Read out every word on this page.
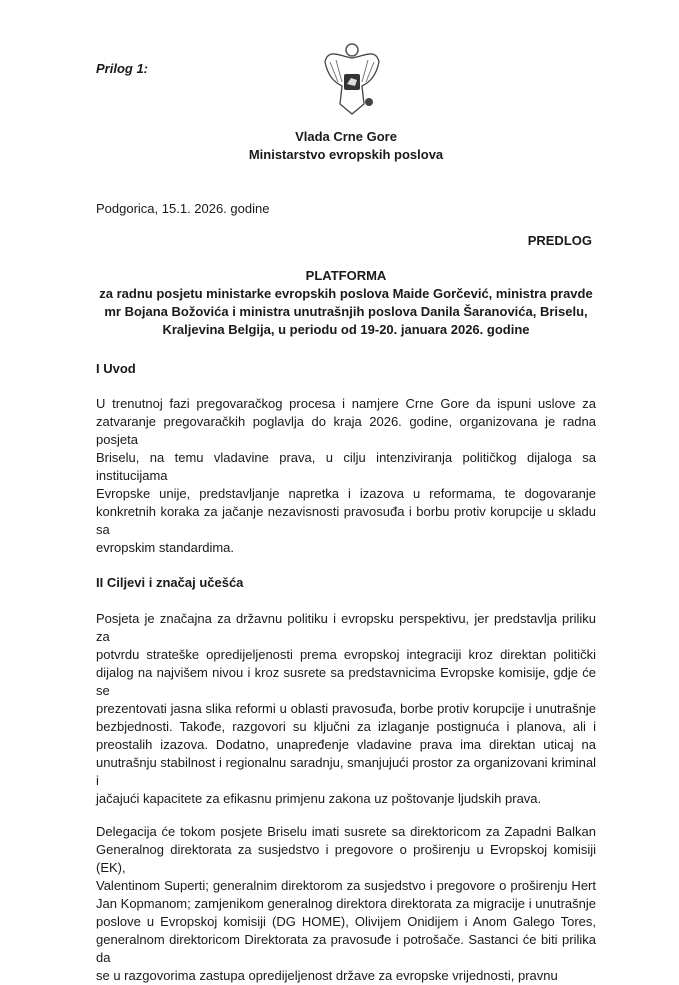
Prilog 1:
Vlada Crne Gore
Ministarstvo evropskih poslova
Podgorica, 15.1. 2026. godine
PREDLOG
PLATFORMA
za radnu posjetu ministarke evropskih poslova Maide Gorčević, ministra pravde
mr Bojana Božovića i ministra unutrašnjih poslova Danila Šaranovića, Briselu,
Kraljevina Belgija, u periodu od 19-20. januara 2026. godine
I Uvod
U trenutnoj fazi pregovaračkog procesa i namjere Crne Gore da ispuni uslove za
zatvaranje pregovaračkih poglavlja do kraja 2026. godine, organizovana je radna posjeta
Briselu, na temu vladavine prava, u cilju intenziviranja političkog dijaloga sa institucijama
Evropske unije, predstavljanje napretka i izazova u reformama, te dogovaranje
konkretnih koraka za jačanje nezavisnosti pravosuđa i borbu protiv korupcije u skladu sa
evropskim standardima.
II Ciljevi i značaj učešća
Posjeta je značajna za državnu politiku i evropsku perspektivu, jer predstavlja priliku za
potvrdu strateške opredijeljenosti prema evropskoj integraciji kroz direktan politički
dijalog na najvišem nivou i kroz susrete sa predstavnicima Evropske komisije, gdje će se
prezentovati jasna slika reformi u oblasti pravosuđa, borbe protiv korupcije i unutrašnje
bezbjednosti. Takođe, razgovori su ključni za izlaganje postignuća i planova, ali i
preostalih izazova. Dodatno, unapređenje vladavine prava ima direktan uticaj na
unutrašnju stabilnost i regionalnu saradnju, smanjujući prostor za organizovani kriminal i
jačajući kapacitete za efikasnu primjenu zakona uz poštovanje ljudskih prava.
Delegacija će tokom posjete Briselu imati susrete sa direktoricom za Zapadni Balkan
Generalnog direktorata za susjedstvo i pregovore o proširenju u Evropskoj komisiji (EK),
Valentinom Superti; generalnim direktorom za susjedstvo i pregovore o proširenju Hert
Jan Kopmanom; zamjenikom generalnog direktora direktorata za migracije i unutrašnje
poslove u Evropskoj komisiji (DG HOME), Olivijem Onidijem i Anom Galego Tores,
generalnom direktoricom Direktorata za pravosuđe i potrošače. Sastanci će biti prilika da
se u razgovorima zastupa opredijeljenost države za evropske vrijednosti, pravnu
